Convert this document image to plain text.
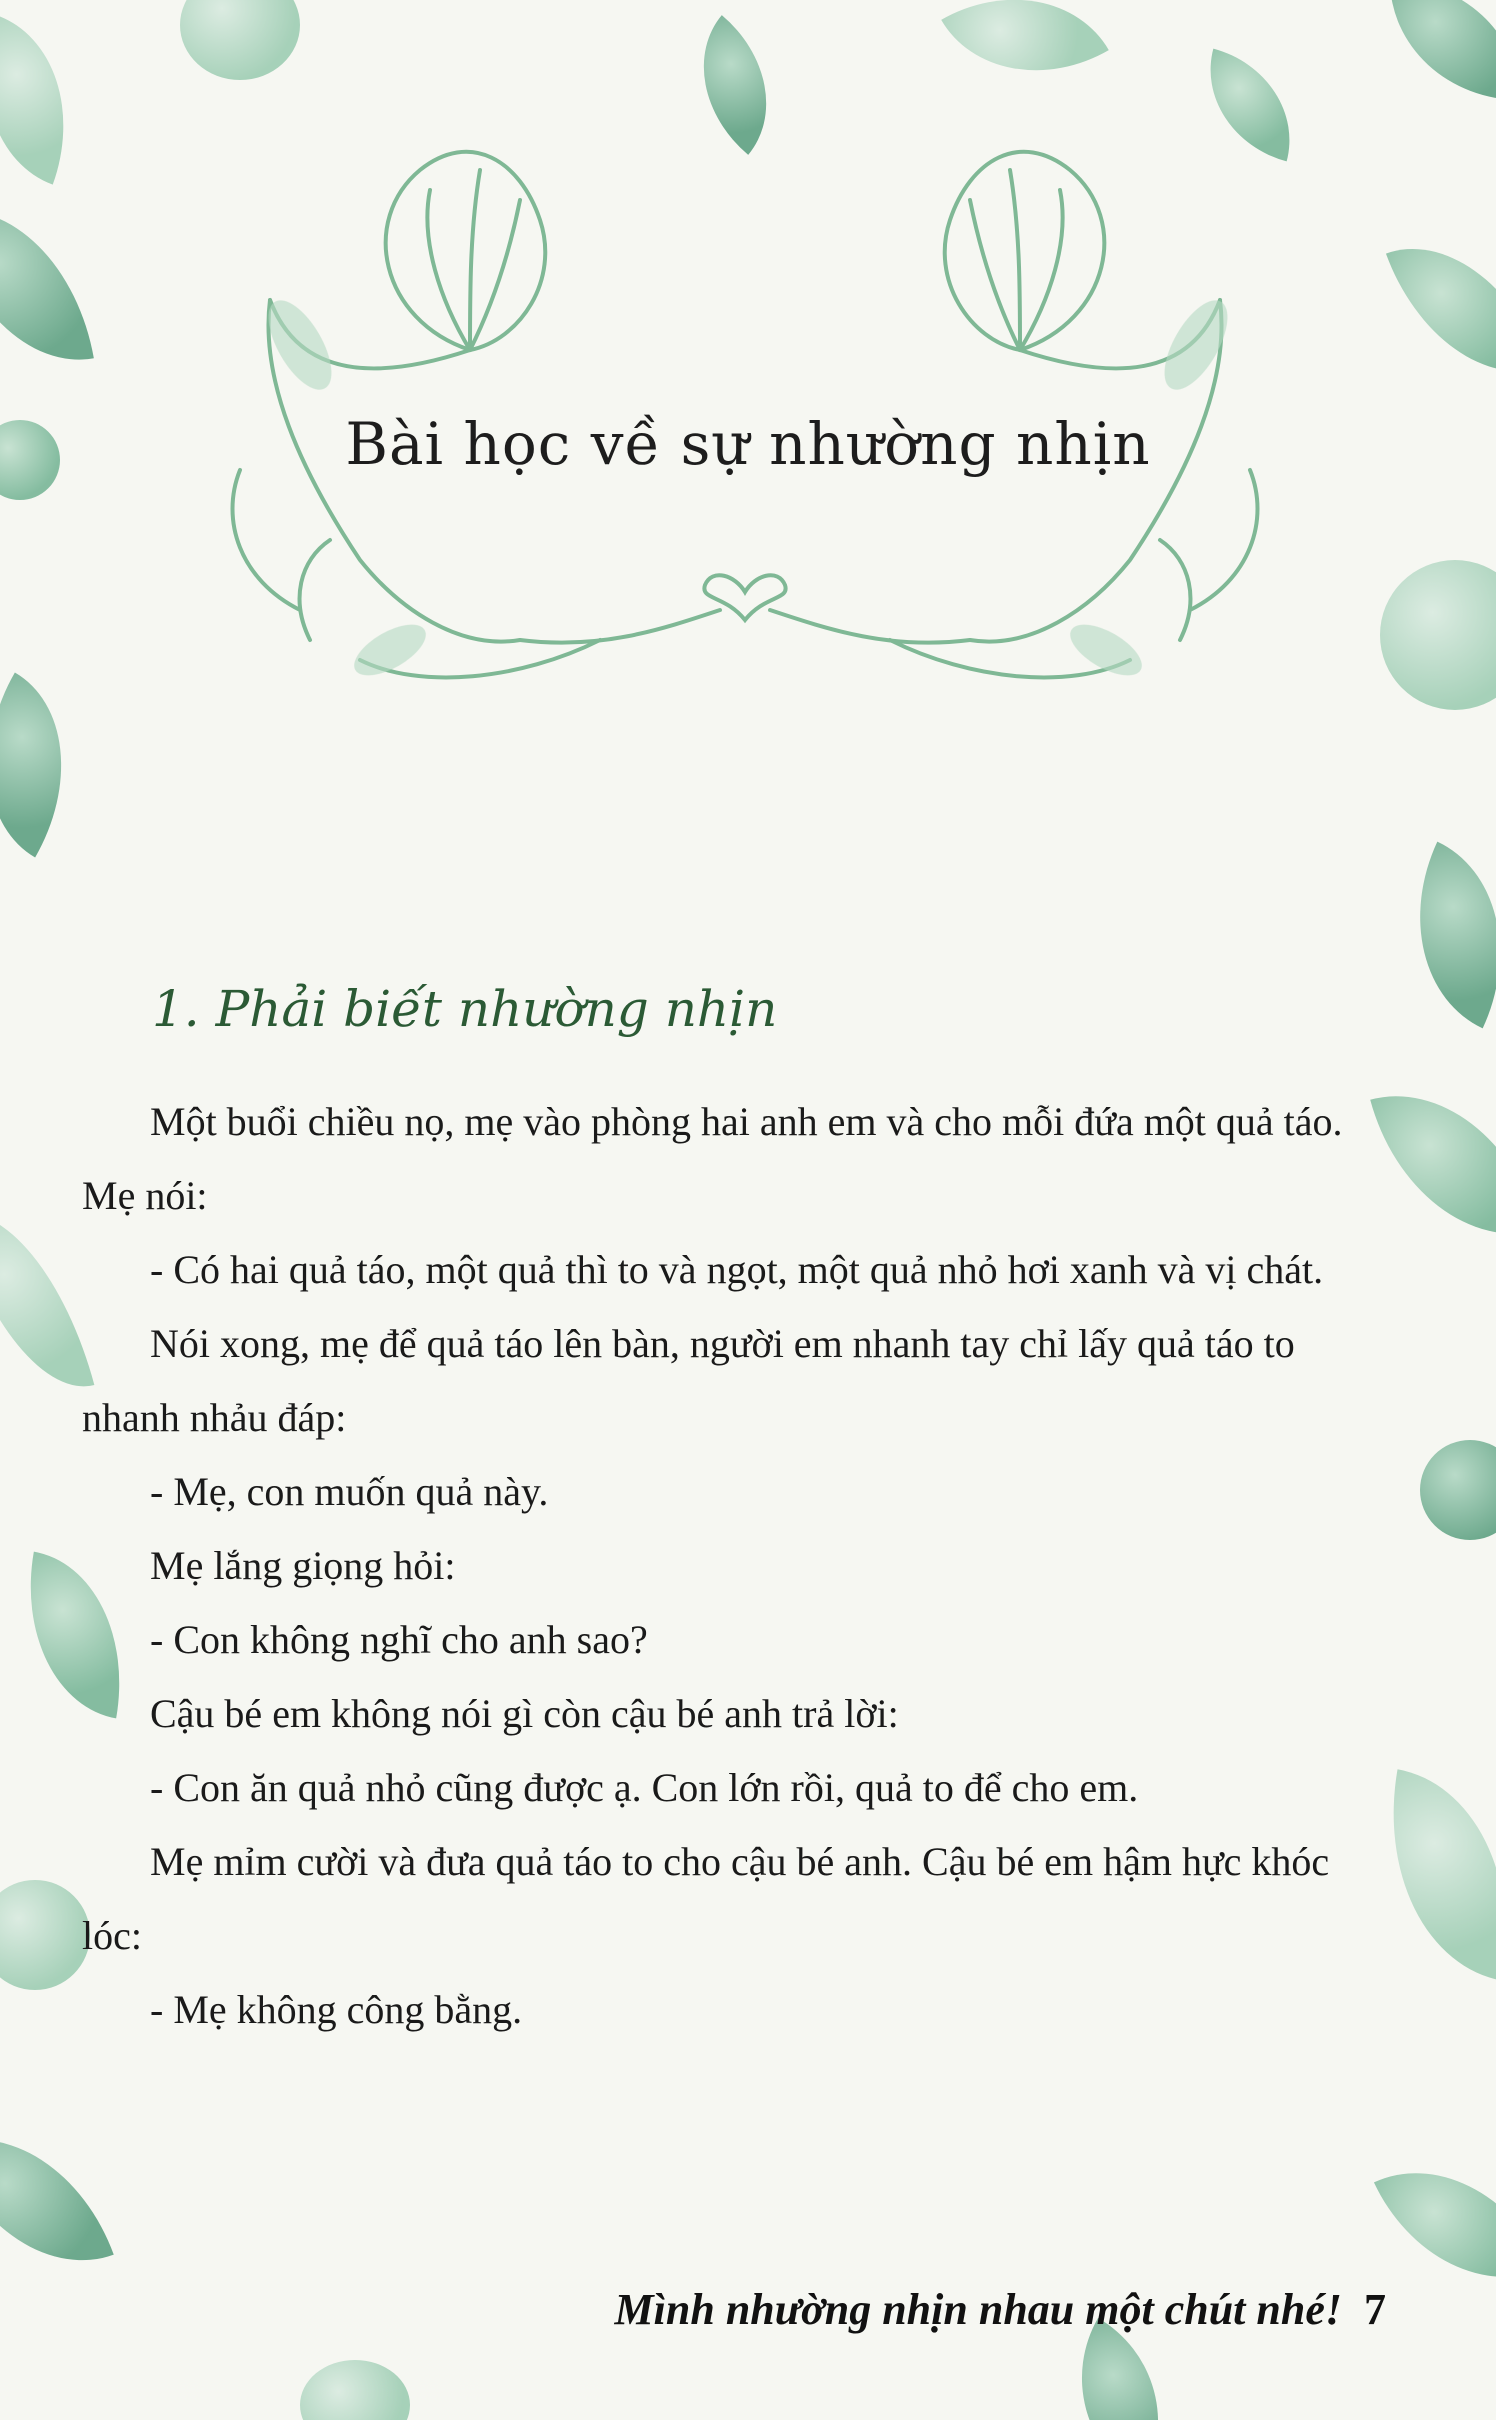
Bài học về sự nhường nhịn
1. Phải biết nhường nhịn

Một buổi chiều nọ, mẹ vào phòng hai anh em và cho mỗi đứa một quả táo. Mẹ nói:

- Có hai quả táo, một quả thì to và ngọt, một quả nhỏ hơi xanh và vị chát.

Nói xong, mẹ để quả táo lên bàn, người em nhanh tay chỉ lấy quả táo to nhanh nhảu đáp:

- Mẹ, con muốn quả này.

Mẹ lắng giọng hỏi:

- Con không nghĩ cho anh sao?

Cậu bé em không nói gì còn cậu bé anh trả lời:

- Con ăn quả nhỏ cũng được ạ. Con lớn rồi, quả to để cho em.

Mẹ mỉm cười và đưa quả táo to cho cậu bé anh. Cậu bé em hậm hực khóc lóc:

- Mẹ không công bằng.

Mình nhường nhịn nhau một chút nhé! 7
